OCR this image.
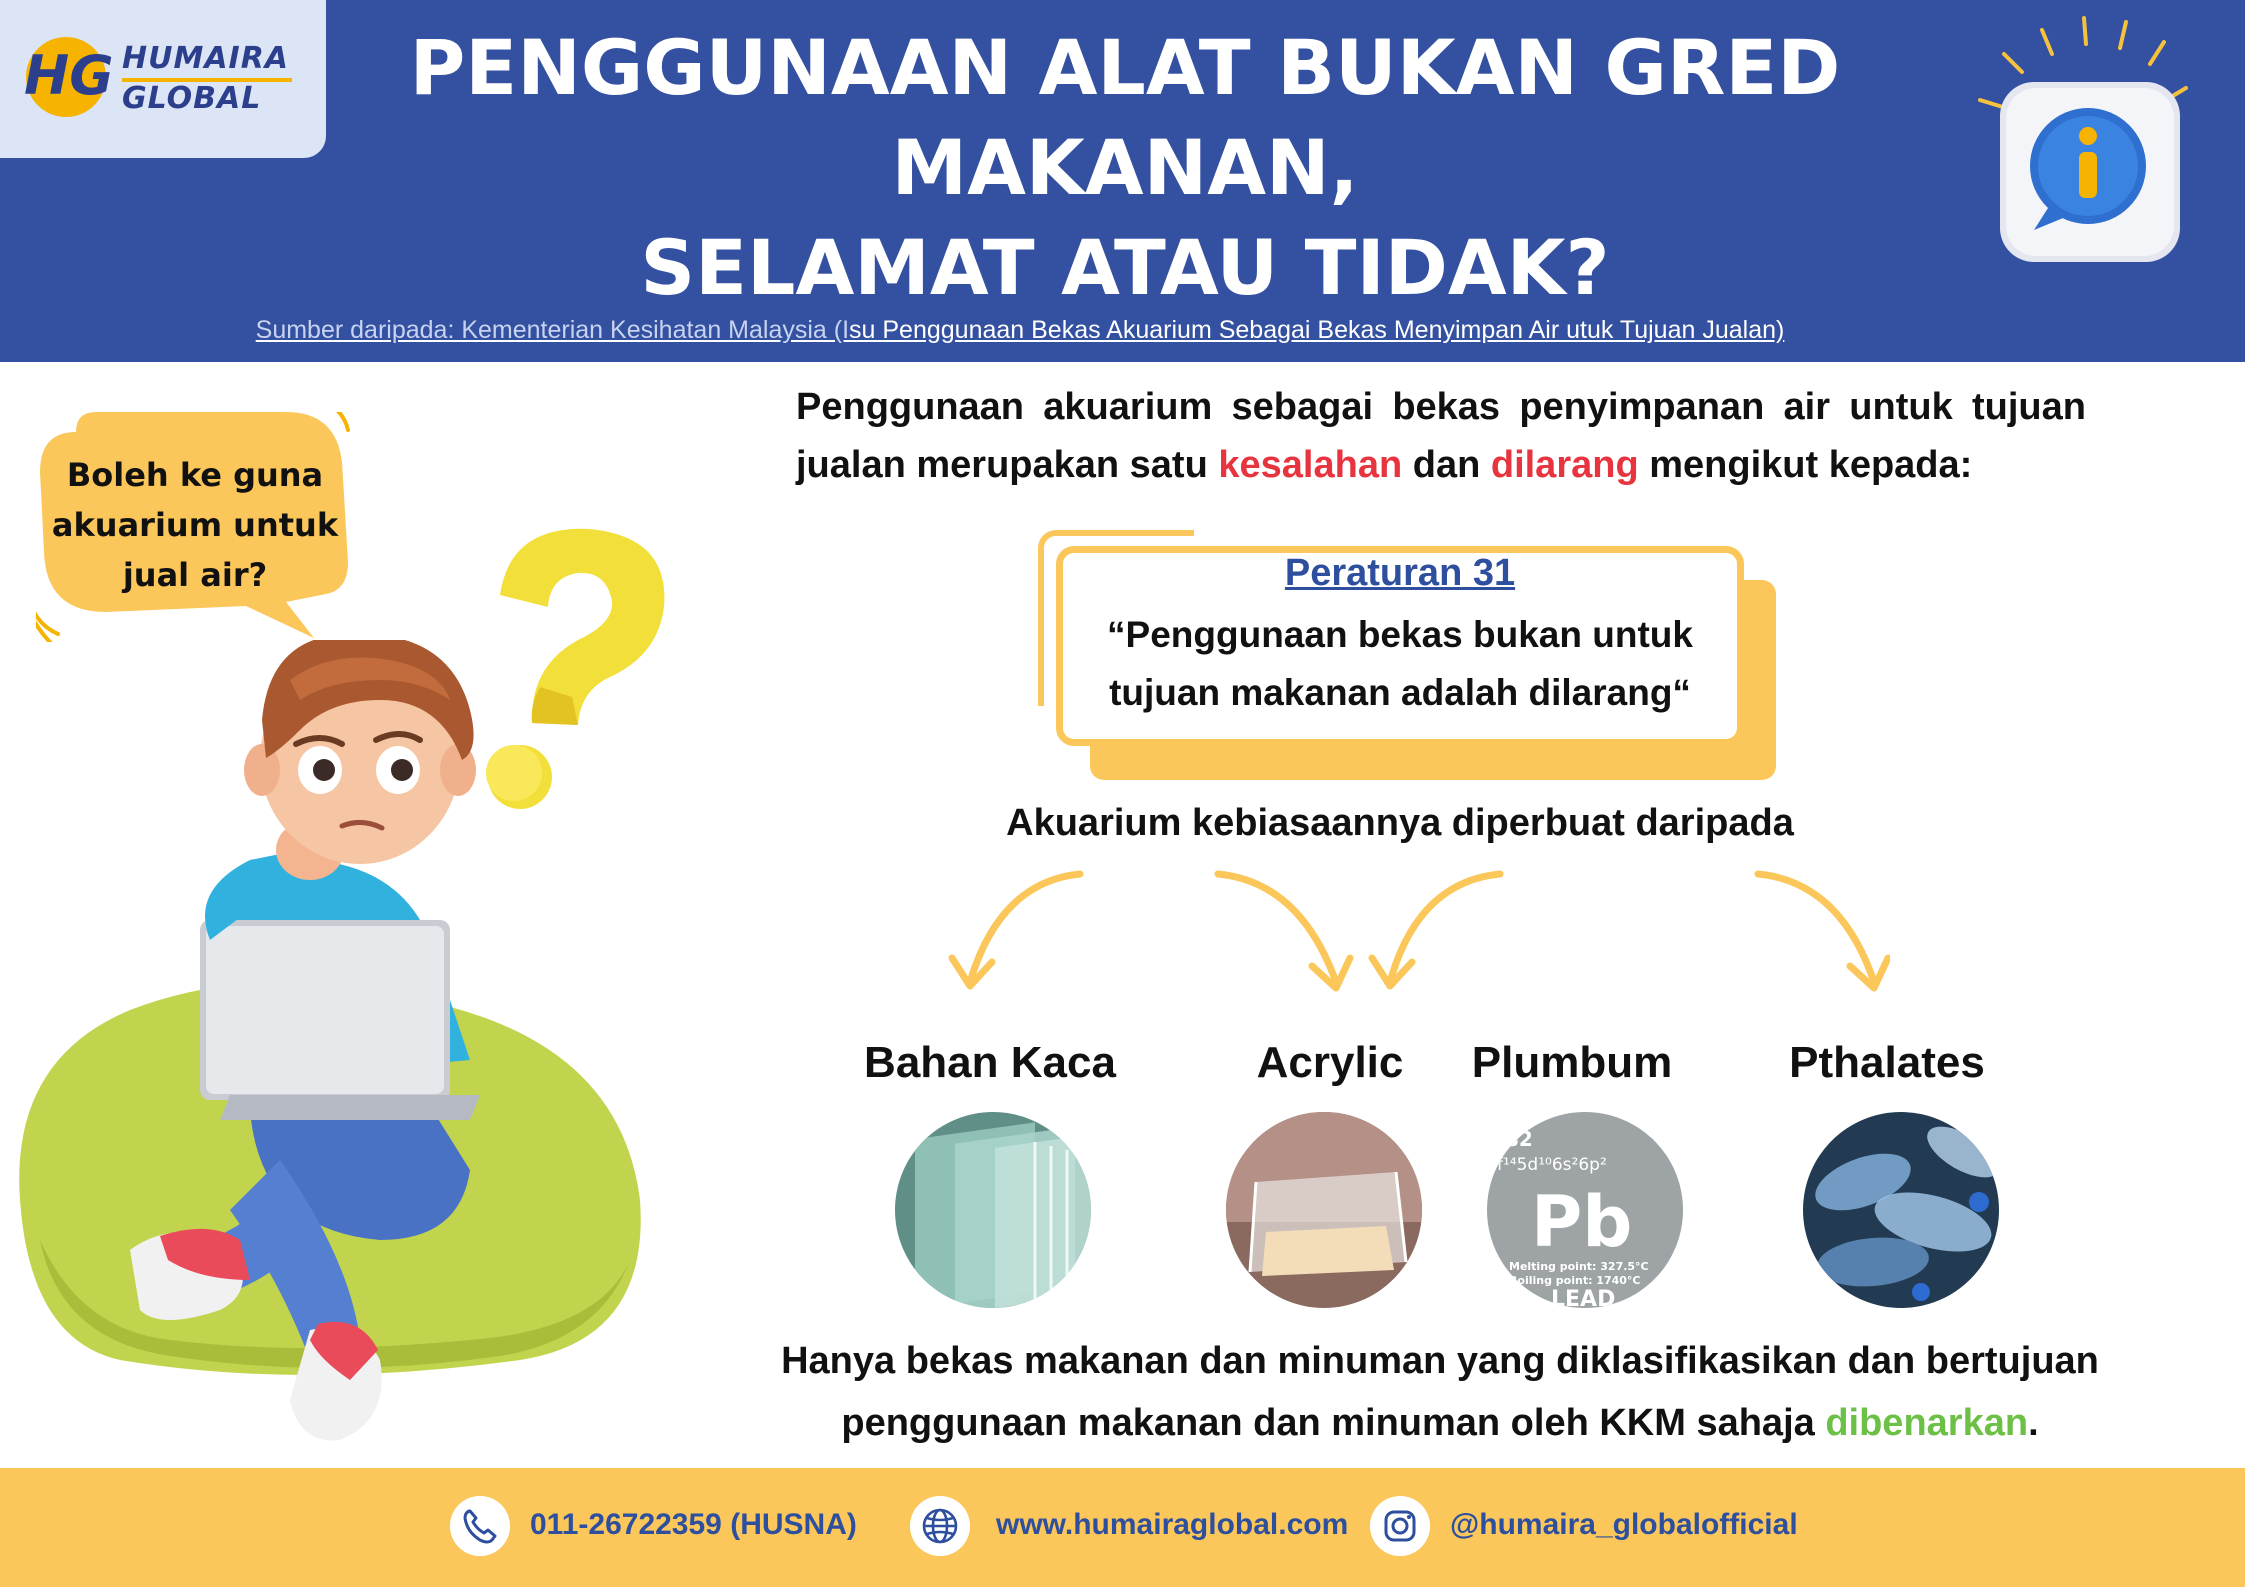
HG HUMAIRA
GLOBAL	PENGGUNAAN ALAT BUKAN GRED
MAKANAN,
SELAMAT ATAU TIDAK?
Sumber daripada: Kementerian Kesihatan Malaysia (Isu Penggunaan Bekas Akuarium Sebagai Bekas Menyimpan Air utuk Tujuan Jualan)
Boleh ke guna
akuarium untuk
jual air?
Penggunaan akuarium sebagai bekas penyimpanan air untuk tujuan jualan merupakan satu kesalahan dan dilarang mengikut kepada:
Peraturan 31
“Penggunaan bekas bukan untuk
tujuan makanan adalah dilarang“
Akuarium kebiasaannya diperbuat daripada
Bahan Kaca	Acrylic	Plumbum	Pthalates
82
f¹⁴5d¹⁰6s²6p²
Pb
Melting point: 327.5°C
Boiling point: 1740°C
LEAD
Hanya bekas makanan dan minuman yang diklasifikasikan dan bertujuan
penggunaan makanan dan minuman oleh KKM sahaja dibenarkan.
011-26722359 (HUSNA)	www.humairaglobal.com	@humaira_globalofficial
